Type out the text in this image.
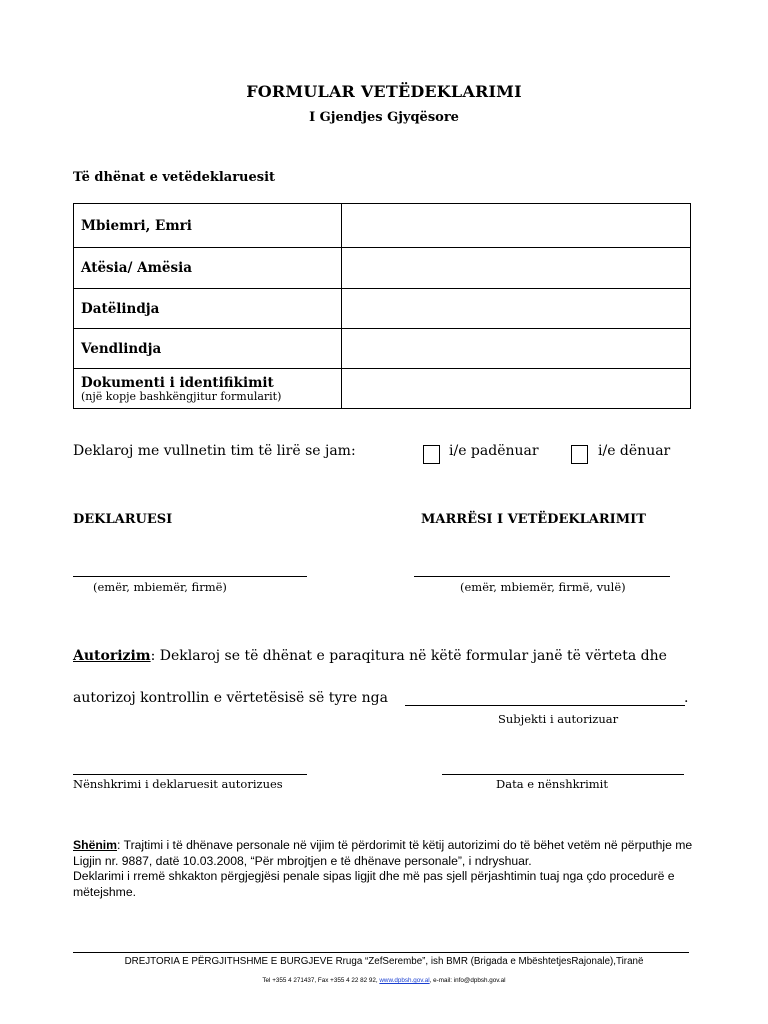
FORMULAR VETËDEKLARIMI
I Gjendjes Gjyqësore
Të dhënat e vetëdeklaruesit
Mbiemri, Emri	
Atësia/ Amësia	
Datëlindja	
Vendlindja	
Dokumenti i identifikimit
(një kopje bashkëngjitur formularit)	

Deklaroj me vullnetin tim të lirë se jam:	i/e padënuar	i/e dënuar
DEKLARUESI	MARRËSI I VETËDEKLARIMIT
(emër, mbiemër, firmë)	(emër, mbiemër, firmë, vulë)
Autorizim: Deklaroj se të dhënat e paraqitura në këtë formular janë të vërteta dhe
autorizoj kontrollin e vërtetësisë së tyre nga	.
Subjekti i autorizuar
Nënshkrimi i deklaruesit autorizues	Data e nënshkrimit
Shënim: Trajtimi i të dhënave personale në vijim të përdorimit të këtij autorizimi do të bëhet vetëm në përputhje me Ligjin nr. 9887, datë 10.03.2008, “Për mbrojtjen e të dhënave personale”, i ndryshuar.
Deklarimi i rremë shkakton përgjegjësi penale sipas ligjit dhe më pas sjell përjashtimin tuaj nga çdo procedurë e mëtejshme.
DREJTORIA E PËRGJITHSHME E BURGJEVE Rruga “ZefSerembe”, ish BMR (Brigada e MbështetjesRajonale),Tiranë
Tel +355 4 271437, Fax +355 4 22 82 92, www.dpbsh.gov.al, e-mail: info@dpbsh.gov.al
